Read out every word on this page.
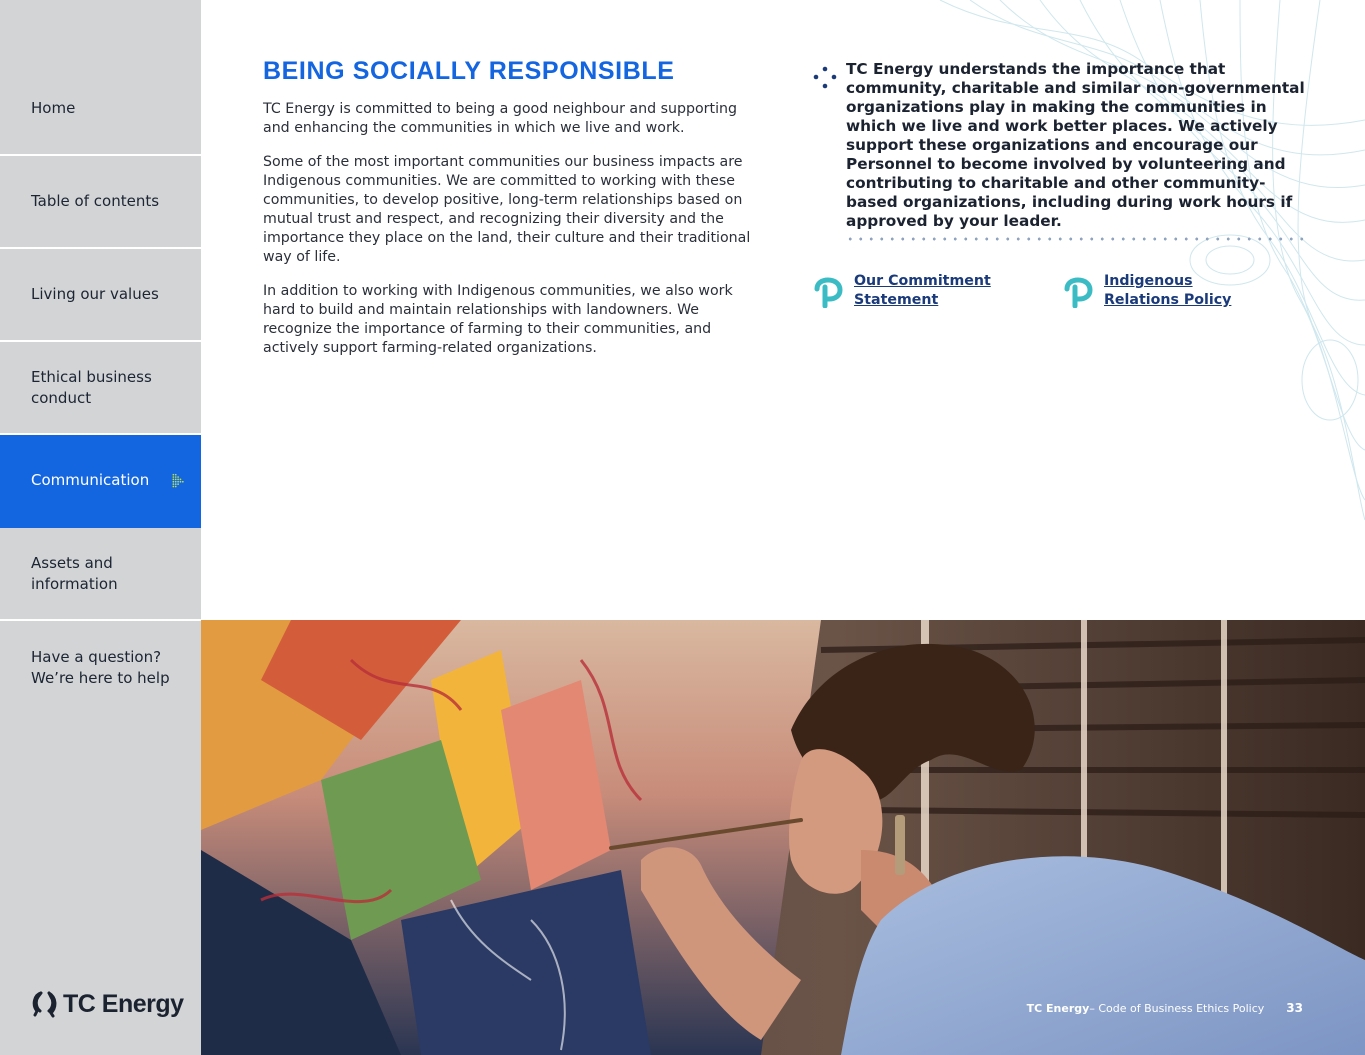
Home
Table of contents
Living our values
Ethical business conduct
Communication
Assets and information
Have a question? We’re here to help
TC Energy
BEING SOCIALLY RESPONSIBLE

TC Energy is committed to being a good neighbour and supporting and enhancing the communities in which we live and work.

Some of the most important communities our business impacts are Indigenous communities. We are committed to working with these communities, to develop positive, long-term relationships based on mutual trust and respect, and recognizing their diversity and the importance they place on the land, their culture and their traditional way of life.

In addition to working with Indigenous communities, we also work hard to build and maintain relationships with landowners. We recognize the importance of farming to their communities, and actively support farming-related organizations.

TC Energy understands the importance that community, charitable and similar non-governmental organizations play in making the communities in which we live and work better places. We actively support these organizations and encourage our Personnel to become involved by volunteering and contributing to charitable and other community-based organizations, including during work hours if approved by your leader.

Our Commitment
Statement
Indigenous
Relations Policy
TC Energy – Code of Business Ethics Policy 33
